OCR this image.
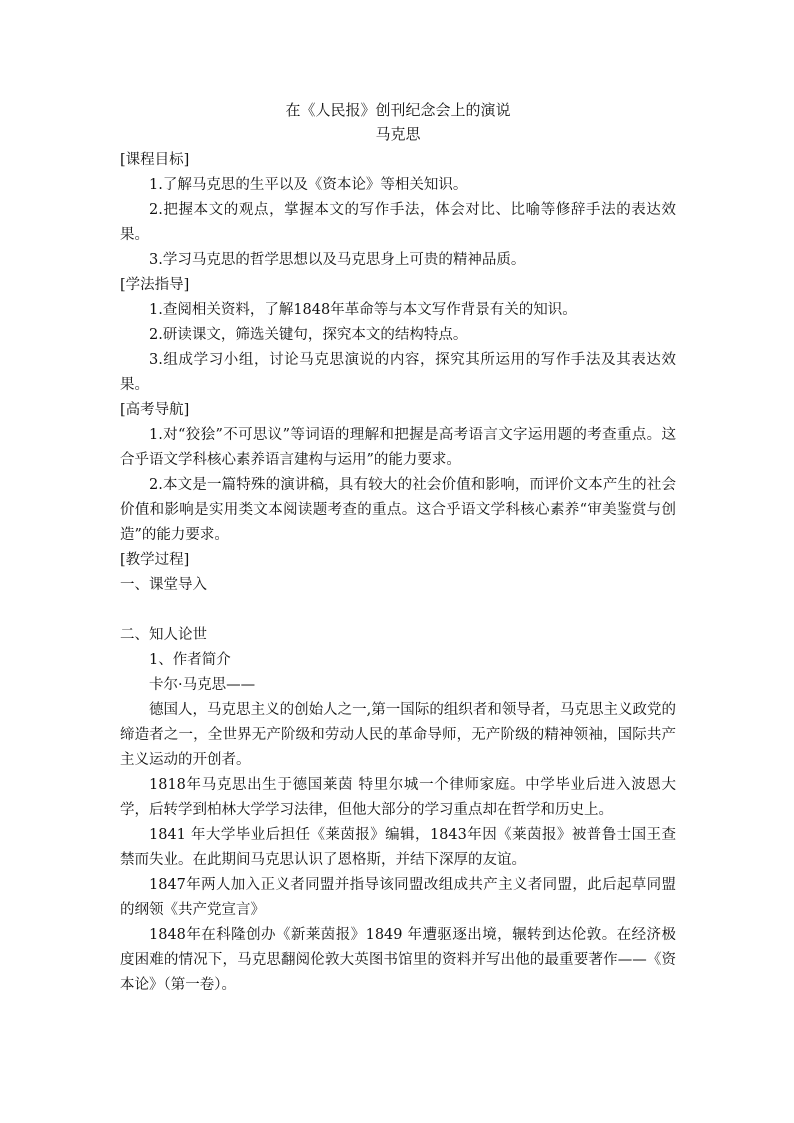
在《人民报》创刊纪念会上的演说

马克思

[课程目标]

1.了解马克思的生平以及《资本论》等相关知识。

2.把握本文的观点，掌握本文的写作手法，体会对比、比喻等修辞手法的表达效果。

3.学习马克思的哲学思想以及马克思身上可贵的精神品质。

[学法指导]

1.查阅相关资料，了解1848年革命等与本文写作背景有关的知识。

2.研读课文，筛选关键句，探究本文的结构特点。

3.组成学习小组，讨论马克思演说的内容，探究其所运用的写作手法及其表达效果。

[高考导航]

1.对“狡狯”不可思议”等词语的理解和把握是高考语言文字运用题的考查重点。这合乎语文学科核心素养语言建构与运用”的能力要求。

2.本文是一篇特殊的演讲稿，具有较大的社会价值和影响，而评价文本产生的社会价值和影响是实用类文本阅读题考查的重点。这合乎语文学科核心素养“审美鉴赏与创造”的能力要求。

[教学过程]

一、课堂导入

二、知人论世

1、作者简介

卡尔·马克思——

德国人，马克思主义的创始人之一,第一国际的组织者和领导者，马克思主义政党的缔造者之一，全世界无产阶级和劳动人民的革命导师，无产阶级的精神领袖，国际共产主义运动的开创者。

1818年马克思出生于德国莱茵 特里尔城一个律师家庭。中学毕业后进入波恩大学，后转学到柏林大学学习法律，但他大部分的学习重点却在哲学和历史上。

1841 年大学毕业后担任《莱茵报》编辑，1843年因《莱茵报》被普鲁士国王查禁而失业。在此期间马克思认识了恩格斯，并结下深厚的友谊。

1847年两人加入正义者同盟并指导该同盟改组成共产主义者同盟，此后起草同盟的纲领《共产党宣言》

1848年在科隆创办《新莱茵报》1849 年遭驱逐出境，辗转到达伦敦。在经济极度困难的情况下，马克思翻阅伦敦大英图书馆里的资料并写出他的最重要著作——《资本论》（第一卷）。
